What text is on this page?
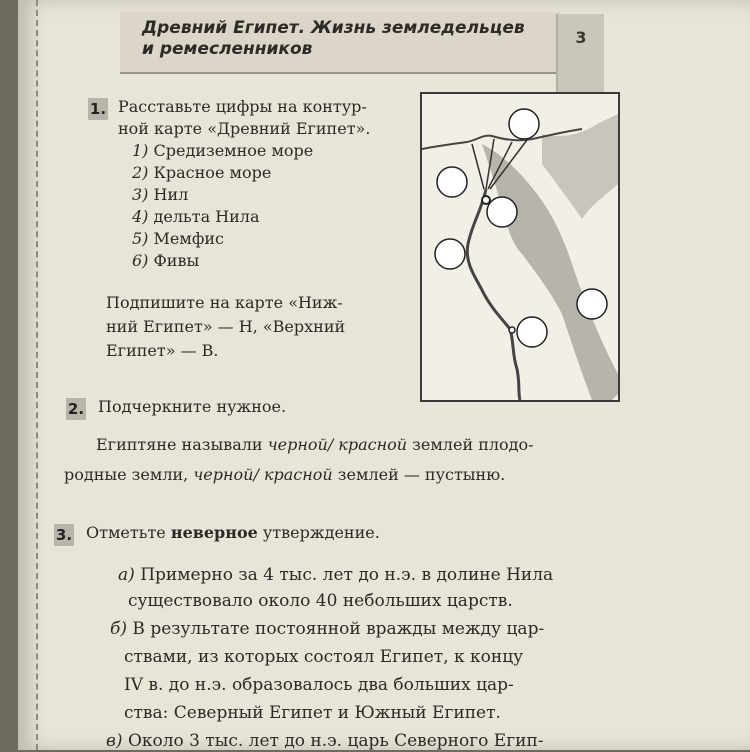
Древний Египет. Жизнь земледельцев
и ремесленников
3
1. Расставьте цифры на контур-
ной карте «Древний Египет».
1) Средиземное море
2) Красное море
3) Нил
4) дельта Нила
5) Мемфис
6) Фивы
Подпишите на карте «Ниж-
ний Египет» — Н, «Верхний
Египет» — В.
2. Подчеркните нужное.
Египтяне называли черной/ красной землей плодо-
родные земли, черной/ красной землей — пустыню.
3. Отметьте неверное утверждение.
а) Примерно за 4 тыс. лет до н.э. в долине Нила
существовало около 40 небольших царств.
б) В результате постоянной вражды между цар-
ствами, из которых состоял Египет, к концу
IV в. до н.э. образовалось два больших цар-
ства: Северный Египет и Южный Египет.
в) Около 3 тыс. лет до н.э. царь Северного Егип-
